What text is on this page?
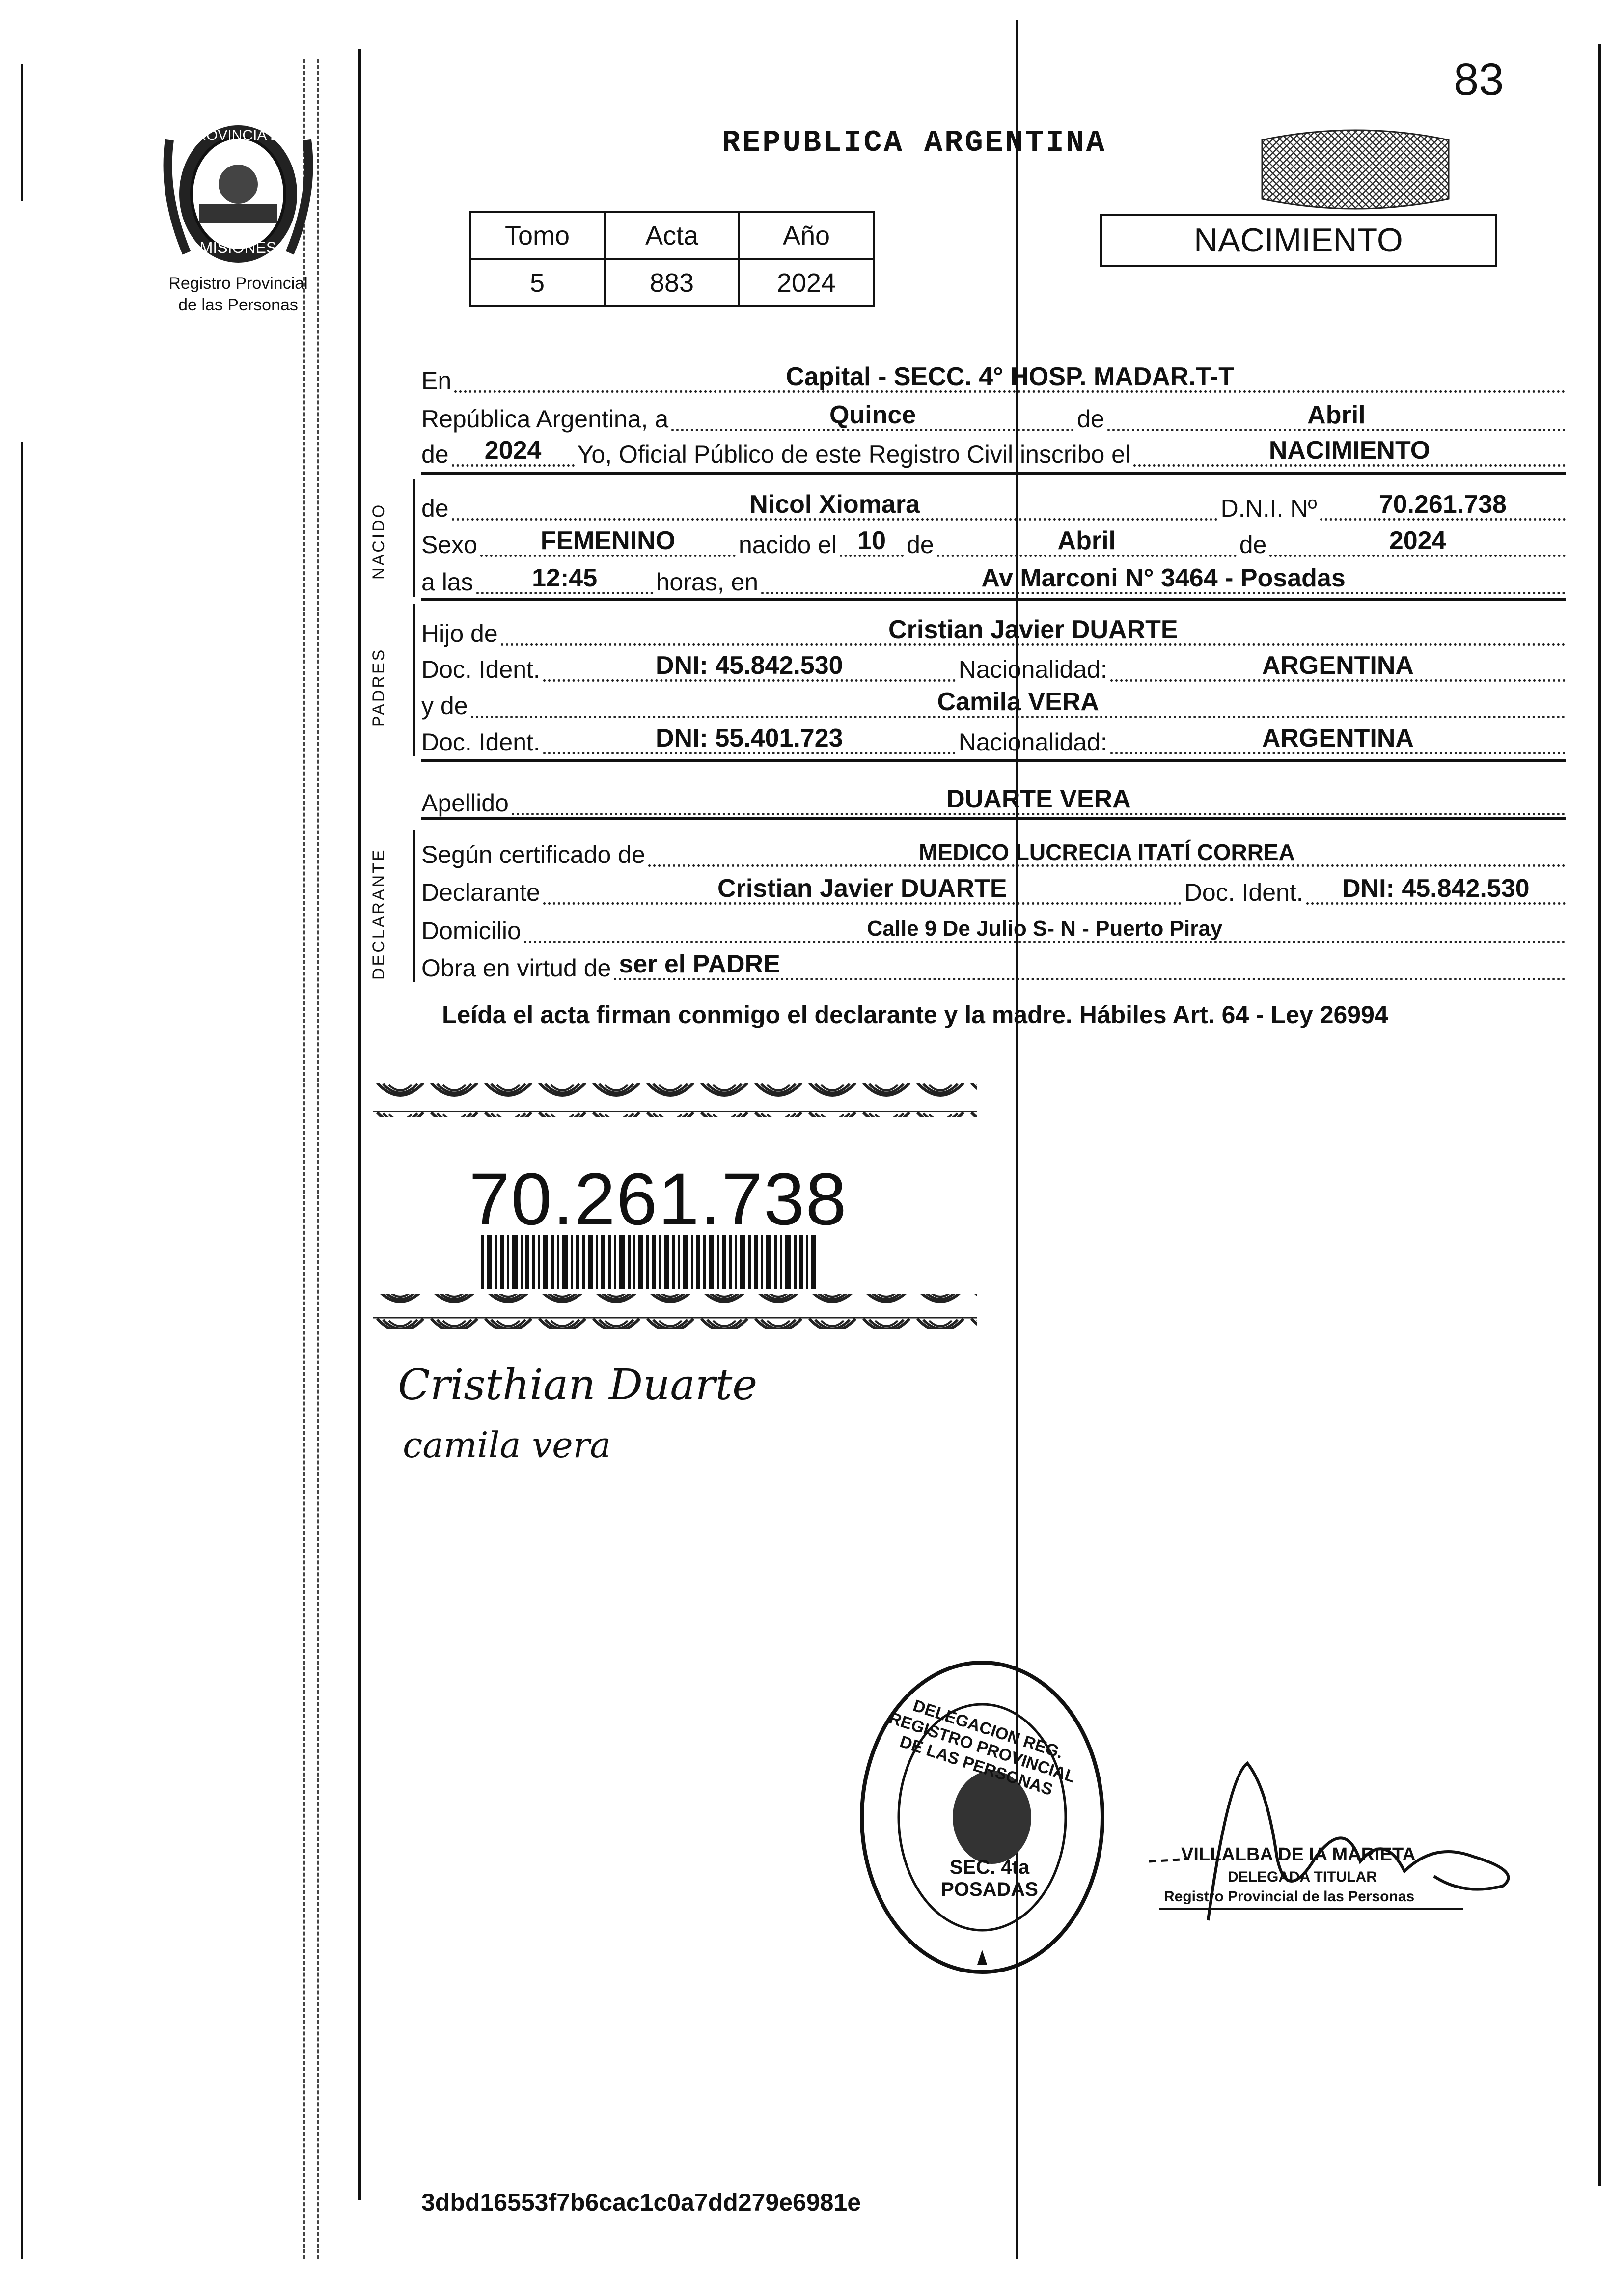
PROVINCIA DE
MISIONES
Registro Provincial
de las Personas
83
REPUBLICA ARGENTINA
Tomo	Acta	Año
5	883	2024
NACIMIENTO
En	Capital - SECC. 4° HOSP. MADAR.T-T
República Argentina, a	Quince	de	Abril
de	2024	Yo, Oficial Público de este Registro Civil inscribo el	NACIMIENTO
NACIDO de	Nicol Xiomara	D.N.I. Nº	70.261.738
Sexo	FEMENINO	nacido el 10 de	Abril	de	2024
a las	12:45	horas, en	Av Marconi N° 3464 - Posadas
PADRES
Hijo de	Cristian Javier DUARTE
Doc. Ident.	DNI: 45.842.530	Nacionalidad:	ARGENTINA
y de	Camila VERA
Doc. Ident.	DNI: 55.401.723	Nacionalidad:	ARGENTINA
Apellido	DUARTE VERA
DECLARANTE Según certificado de	MEDICO LUCRECIA ITATÍ CORREA
Declarante	Cristian Javier DUARTE	Doc. Ident.	DNI: 45.842.530
Domicilio	Calle 9 De Julio S- N - Puerto Piray
Obra en virtud de ser el PADRE
Leída el acta firman conmigo el declarante y la madre. Hábiles Art. 64 - Ley 26994
70.261.738
Cristhian Duarte
camila vera
DELEGACION REG. REGISTRO PROVINCIAL DE LAS PERSONAS
SEC. 4ta POSADAS
VILLALBA DE IA MARIETA
DELEGADA TITULAR
Registro Provincial de las Personas
3dbd16553f7b6cac1c0a7dd279e6981e
